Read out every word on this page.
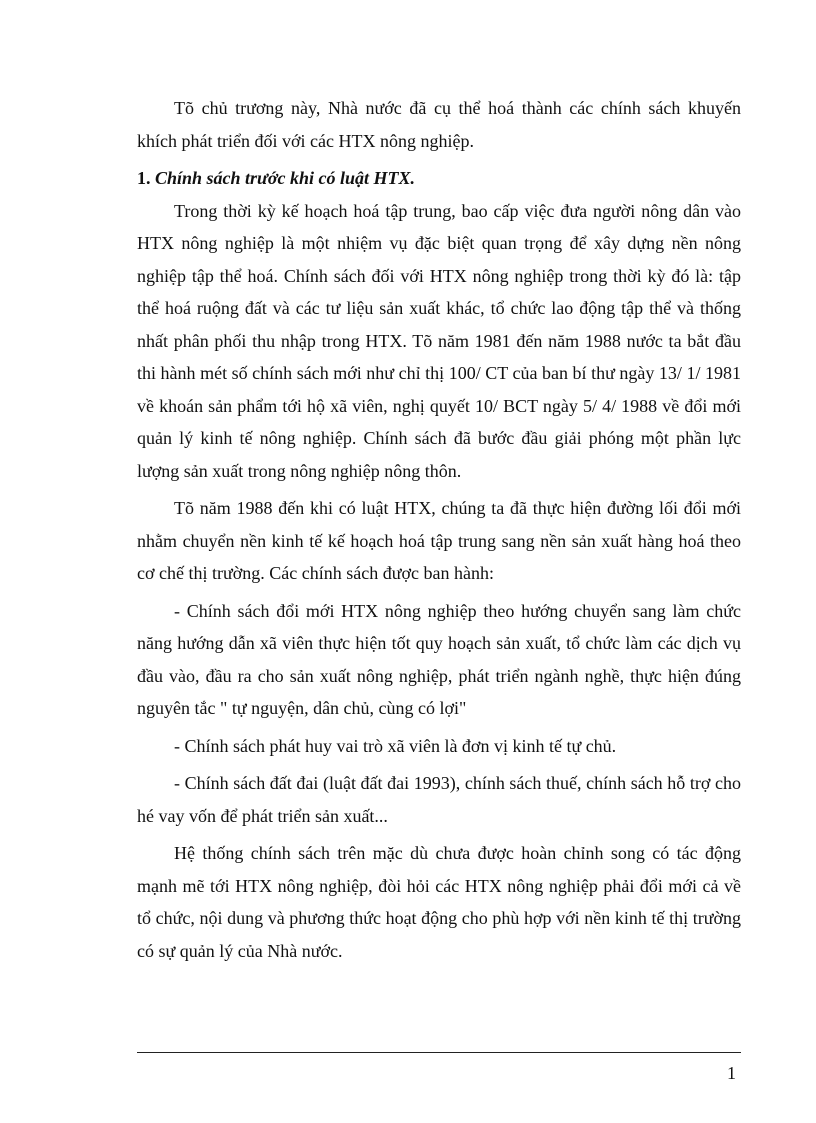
Tõ chủ trương này, Nhà nước đã cụ thể hoá thành các chính sách khuyến khích phát triển đối với các HTX nông nghiệp.

1. Chính sách trước khi có luật HTX.

Trong thời kỳ kế hoạch hoá tập trung, bao cấp việc đưa người nông dân vào HTX nông nghiệp là một nhiệm vụ đặc biệt quan trọng để xây dựng nền nông nghiệp tập thể hoá. Chính sách đối với HTX nông nghiệp trong thời kỳ đó là: tập thể hoá ruộng đất và các tư liệu sản xuất khác, tổ chức lao động tập thể và thống nhất phân phối thu nhập trong HTX. Tõ năm 1981 đến năm 1988 nước ta bắt đầu thi hành mét số chính sách mới như chỉ thị 100/ CT của ban bí thư ngày 13/ 1/ 1981 về khoán sản phẩm tới hộ xã viên, nghị quyết 10/ BCT ngày 5/ 4/ 1988 về đổi mới quản lý kinh tế nông nghiệp. Chính sách đã bước đầu giải phóng một phần lực lượng sản xuất trong nông nghiệp nông thôn.

Tõ năm 1988 đến khi có luật HTX, chúng ta đã thực hiện đường lối đổi mới nhằm chuyển nền kinh tế kế hoạch hoá tập trung sang nền sản xuất hàng hoá theo cơ chế thị trường. Các chính sách được ban hành:

- Chính sách đổi mới HTX nông nghiệp theo hướng chuyển sang làm chức năng hướng dẫn xã viên thực hiện tốt quy hoạch sản xuất, tổ chức làm các dịch vụ đầu vào, đầu ra cho sản xuất nông nghiệp, phát triển ngành nghề, thực hiện đúng nguyên tắc " tự nguyện, dân chủ, cùng có lợi"

- Chính sách phát huy vai trò xã viên là đơn vị kinh tế tự chủ.

- Chính sách đất đai (luật đất đai 1993), chính sách thuế, chính sách hỗ trợ cho hé vay vốn để phát triển sản xuất...

Hệ thống chính sách trên mặc dù chưa được hoàn chỉnh song có tác động mạnh mẽ tới HTX nông nghiệp, đòi hỏi các HTX nông nghiệp phải đổi mới cả về tổ chức, nội dung và phương thức hoạt động cho phù hợp với nền kinh tế thị trường có sự quản lý của Nhà nước.

1
